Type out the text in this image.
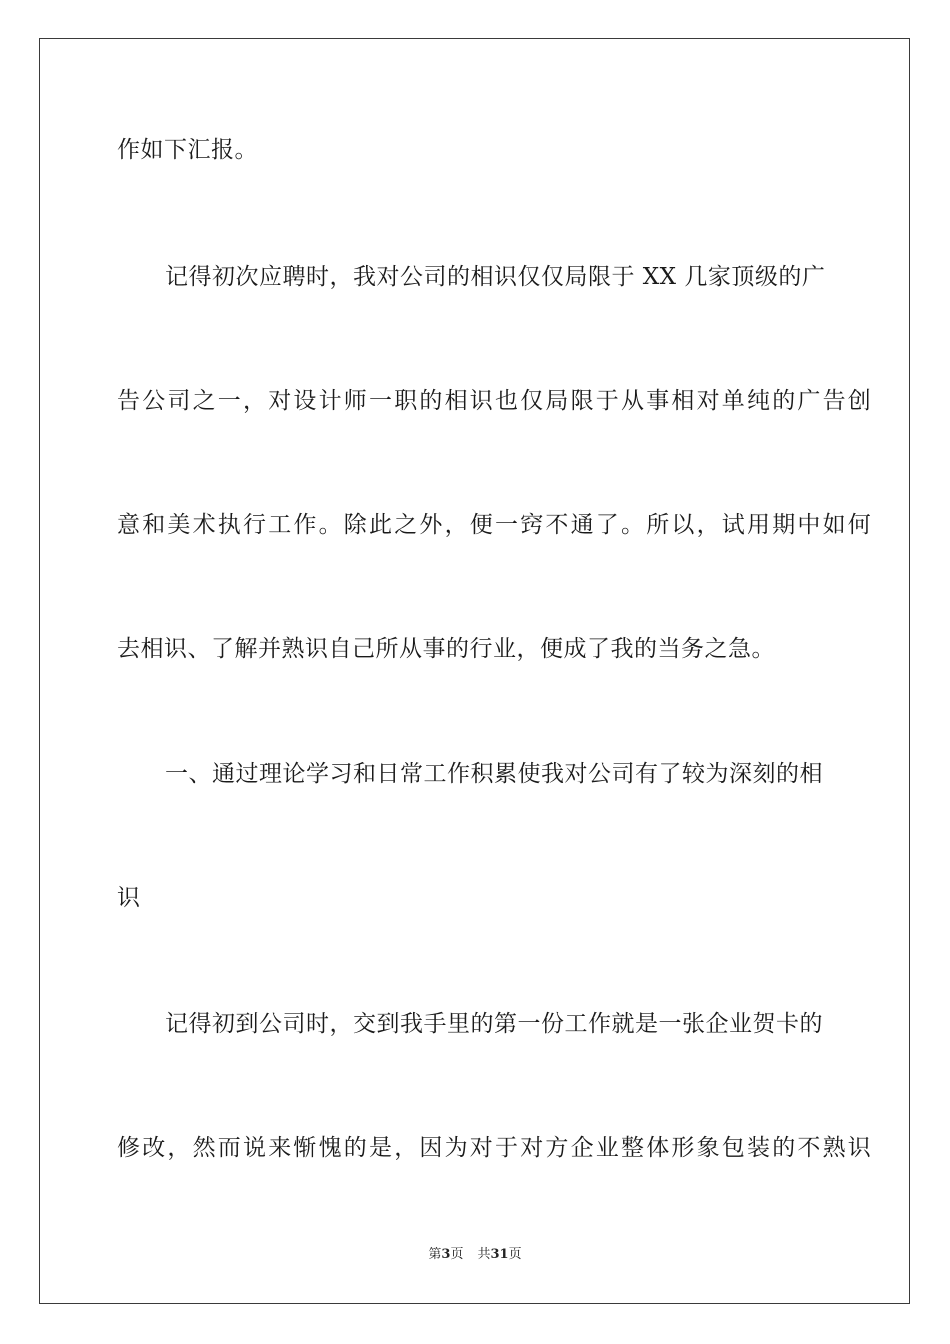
作如下汇报。
记得初次应聘时，我对公司的相识仅仅局限于 XX 几家顶级的广
告公司之一，对设计师一职的相识也仅局限于从事相对单纯的广告创
意和美术执行工作。除此之外，便一窍不通了。所以，试用期中如何
去相识、了解并熟识自己所从事的行业，便成了我的当务之急。
一、通过理论学习和日常工作积累使我对公司有了较为深刻的相
识
记得初到公司时，交到我手里的第一份工作就是一张企业贺卡的
修改，然而说来惭愧的是，因为对于对方企业整体形象包装的不熟识
第3页 共31页
